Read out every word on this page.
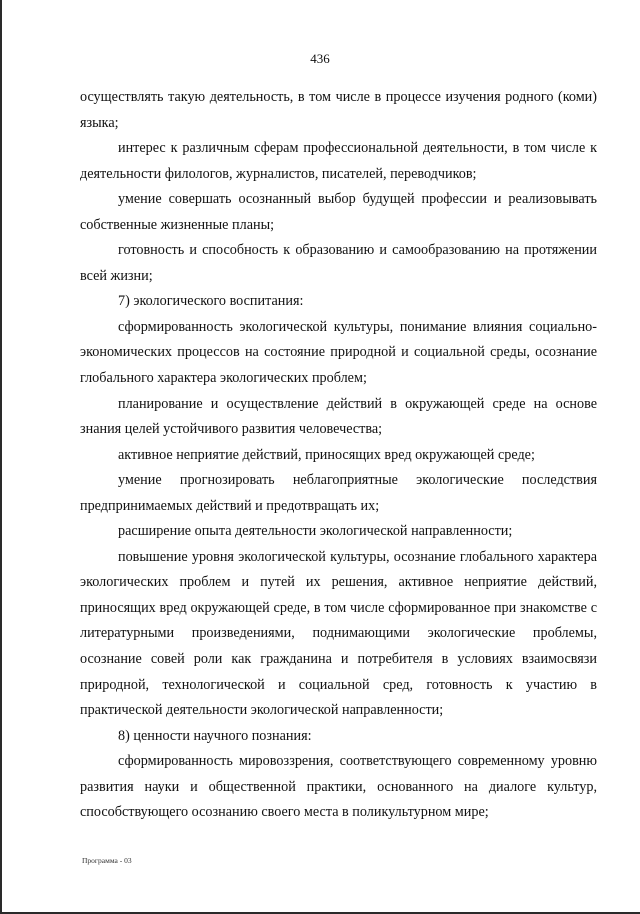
436

осуществлять такую деятельность, в том числе в процессе изучения родного (коми) языка;

интерес к различным сферам профессиональной деятельности, в том числе к деятельности филологов, журналистов, писателей, переводчиков;

умение совершать осознанный выбор будущей профессии и реализовывать собственные жизненные планы;

готовность и способность к образованию и самообразованию на протяжении всей жизни;

7) экологического воспитания:

сформированность экологической культуры, понимание влияния социально-экономических процессов на состояние природной и социальной среды, осознание глобального характера экологических проблем;

планирование и осуществление действий в окружающей среде на основе знания целей устойчивого развития человечества;

активное неприятие действий, приносящих вред окружающей среде;

умение прогнозировать неблагоприятные экологические последствия предпринимаемых действий и предотвращать их;

расширение опыта деятельности экологической направленности;

повышение уровня экологической культуры, осознание глобального характера экологических проблем и путей их решения, активное неприятие действий, приносящих вред окружающей среде, в том числе сформированное при знакомстве с литературными произведениями, поднимающими экологические проблемы, осознание совей роли как гражданина и потребителя в условиях взаимосвязи природной, технологической и социальной сред, готовность к участию в практической деятельности экологической направленности;

8) ценности научного познания:

сформированность мировоззрения, соответствующего современному уровню развития науки и общественной практики, основанного на диалоге культур, способствующего осознанию своего места в поликультурном мире;

Программа - 03
